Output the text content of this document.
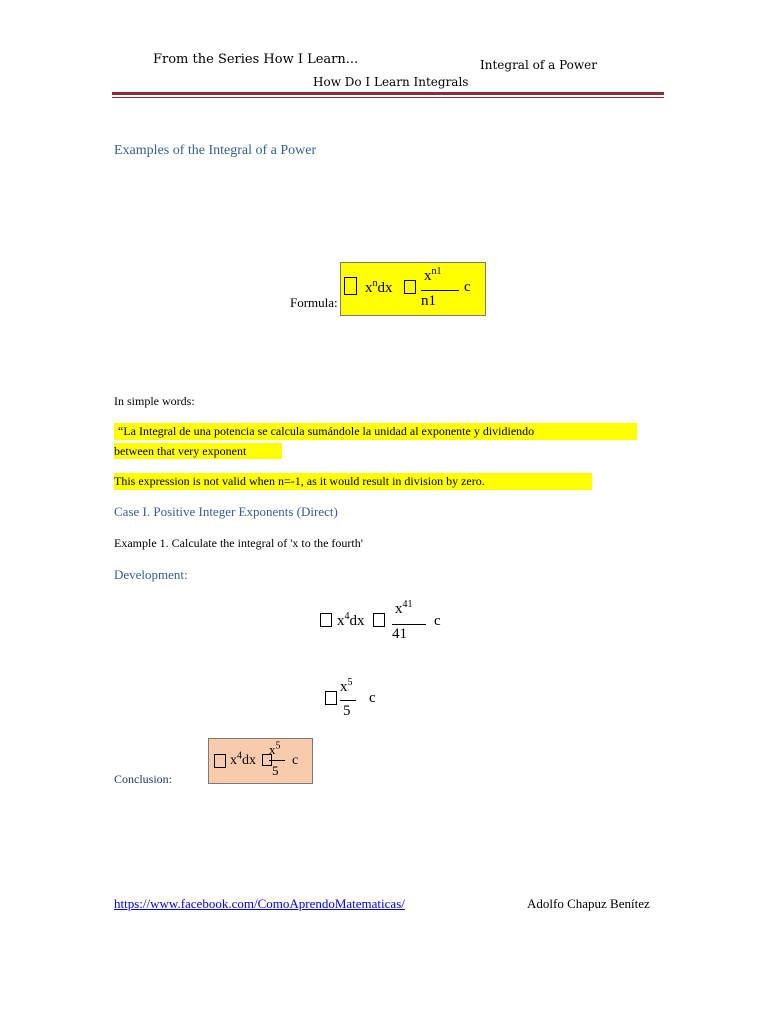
From the Series How I Learn...	Integral of a Power
How Do I Learn Integrals
Examples of the Integral of a Power
Formula:
$x^ndx$
$x^{n1}$
n1
c
In simple words:
“La Integral de una potencia se calcula sumándole la unidad al exponente y dividiendo
between that very exponent
This expression is not valid when n=-1, as it would result in division by zero.
Case I. Positive Integer Exponents (Direct)
Example 1. Calculate the integral of 'x to the fourth'
Development:
$x^4dx$
$x^{41}$
41
c
$x^5$
5
c
Conclusion:
$x^4dx$
$x^5$
5
c
https://www.facebook.com/ComoAprendoMatematicas/	Adolfo Chapuz Benítez
